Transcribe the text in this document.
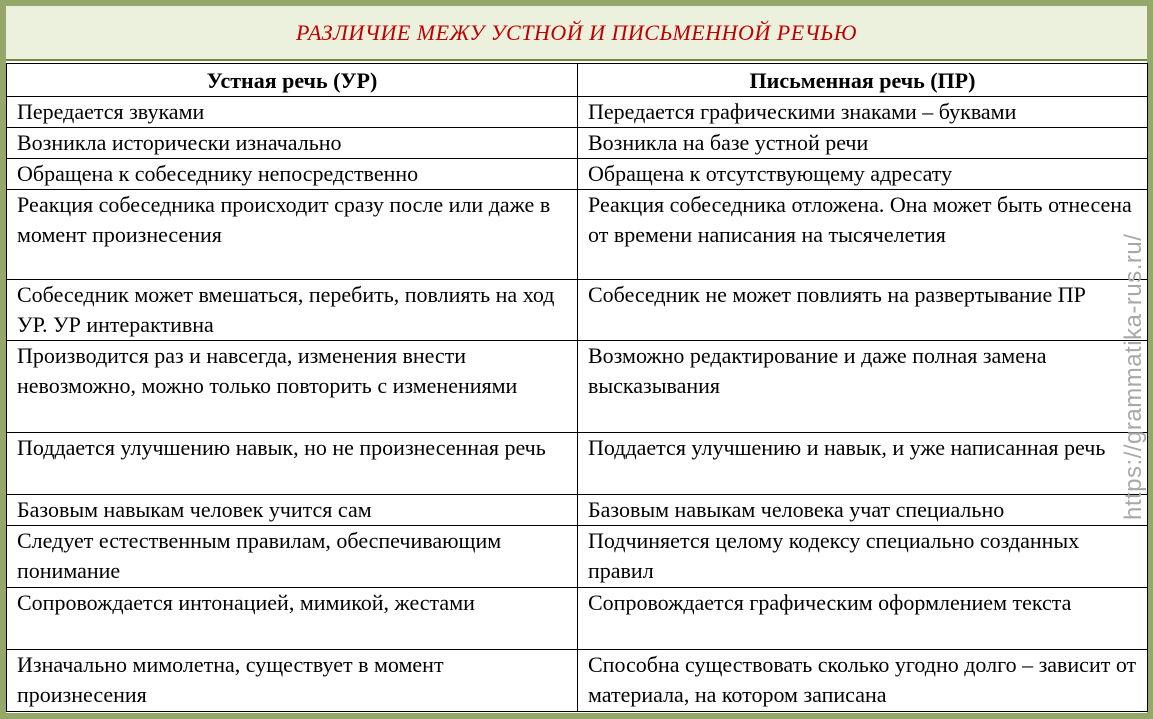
РАЗЛИЧИЕ МЕЖУ УСТНОЙ И ПИСЬМЕННОЙ РЕЧЬЮ
Устная речь (УР)	Письменная речь (ПР)
Передается звуками	Передается графическими знаками – буквами
Возникла исторически изначально	Возникла на базе устной речи
Обращена к собеседнику непосредственно	Обращена к отсутствующему адресату
Реакция собеседника происходит сразу после или даже в момент произнесения	Реакция собеседника отложена. Она может быть отнесена от времени написания на тысячелетия
Собеседник может вмешаться, перебить, повлиять на ход УР. УР интерактивна	Собеседник не может повлиять на развертывание ПР
Производится раз и навсегда, изменения внести невозможно, можно только повторить с изменениями	Возможно редактирование и даже полная замена высказывания
Поддается улучшению навык, но не произнесенная речь	Поддается улучшению и навык, и уже написанная речь
Базовым навыкам человек учится сам	Базовым навыкам человека учат специально
Следует естественным правилам, обеспечивающим понимание	Подчиняется целому кодексу специально созданных правил
Сопровождается интонацией, мимикой, жестами	Сопровождается графическим оформлением текста
Изначально мимолетна, существует в момент произнесения	Способна существовать сколько угодно долго – зависит от материала, на котором записана
https://grammatika-rus.ru/
